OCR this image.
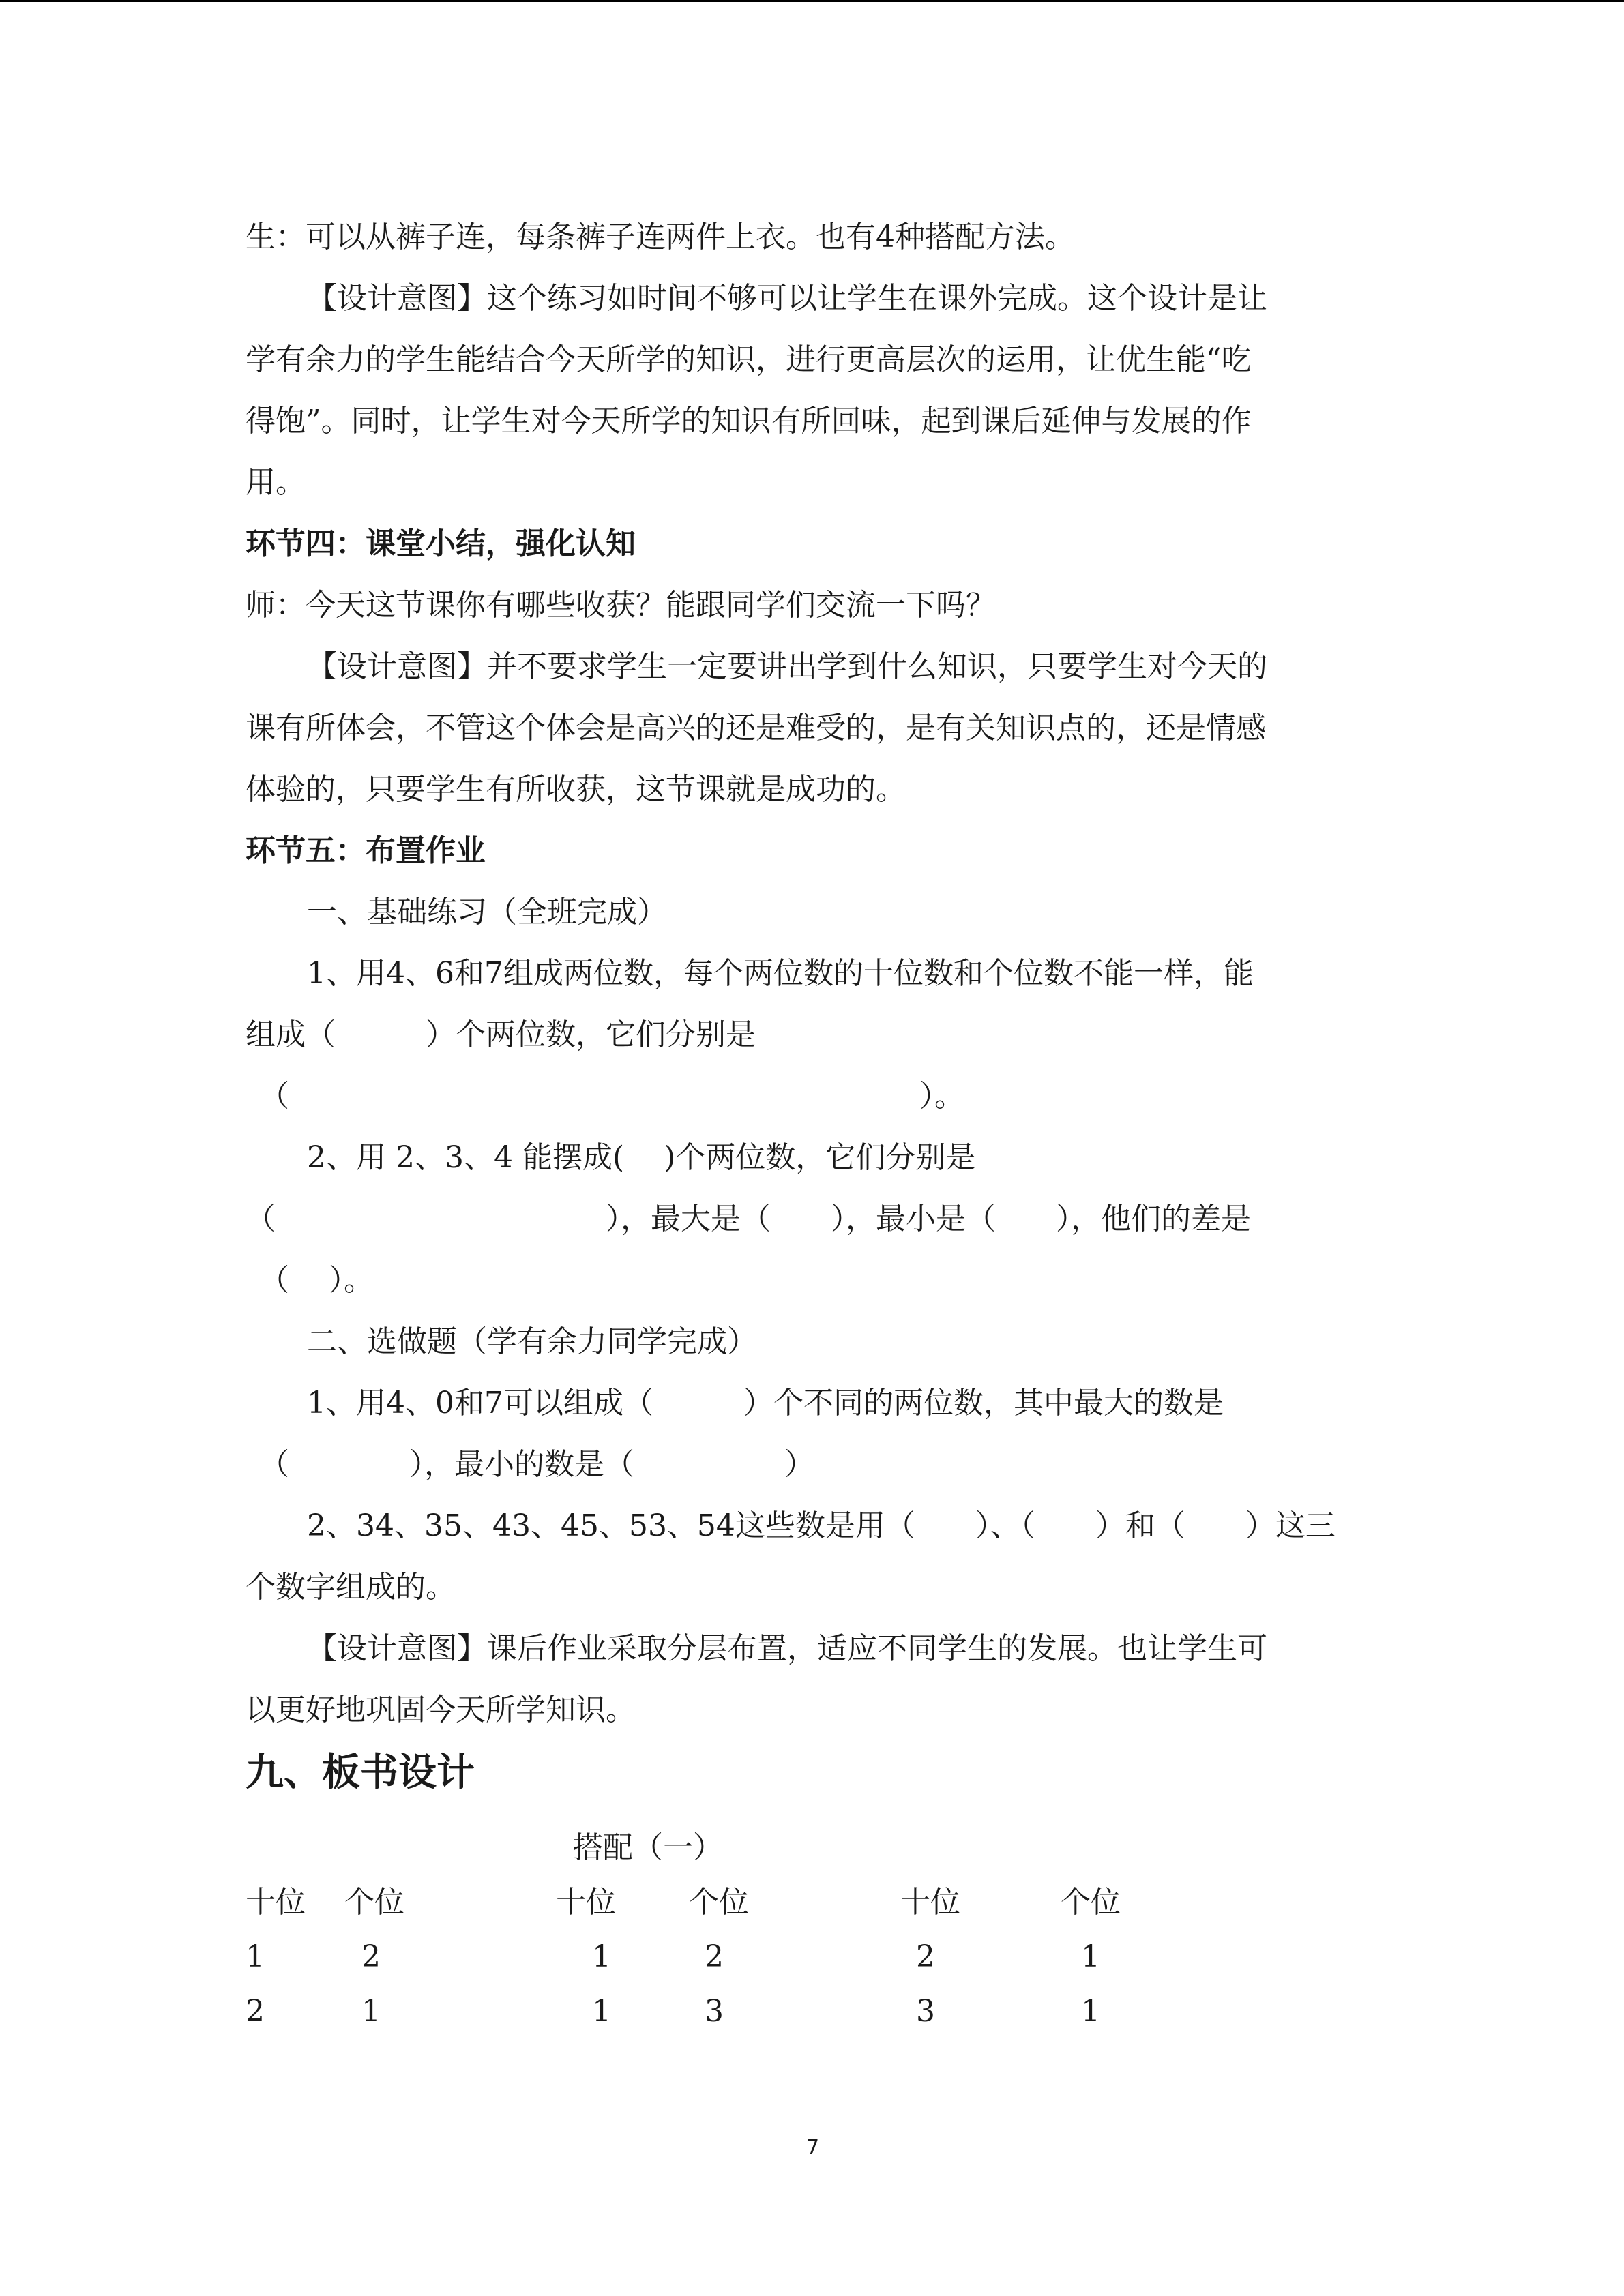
生：可以从裤子连，每条裤子连两件上衣。也有4种搭配方法。
【设计意图】这个练习如时间不够可以让学生在课外完成。这个设计是让
学有余力的学生能结合今天所学的知识，进行更高层次的运用，让优生能“吃
得饱”。同时，让学生对今天所学的知识有所回味，起到课后延伸与发展的作
用。
环节四：课堂小结，强化认知
师：今天这节课你有哪些收获？能跟同学们交流一下吗？
【设计意图】并不要求学生一定要讲出学到什么知识，只要学生对今天的
课有所体会，不管这个体会是高兴的还是难受的，是有关知识点的，还是情感
体验的，只要学生有所收获，这节课就是成功的。
环节五：布置作业
一、基础练习（全班完成）
1、用4、6和7组成两位数，每个两位数的十位数和个位数不能一样，能
组成（　　　）个两位数，它们分别是
（　　　　　　　　　　　　　　　　　　　　　）。
2、用 2、3、4 能摆成(　 )个两位数，它们分别是
（　　　　　　　　　　　），最大是（　　），最小是（　　），他们的差是
（　 ）。
二、选做题（学有余力同学完成）
1、用4、0和7可以组成（　　　）个不同的两位数，其中最大的数是
（　　　　），最小的数是（　　　　　）
2、34、35、43、45、53、54这些数是用（　　）、（　　）和（　　）这三
个数字组成的。
【设计意图】课后作业采取分层布置，适应不同学生的发展。也让学生可
以更好地巩固今天所学知识。
九、板书设计
搭配（一）
十位 个位	十位 个位	十位	个位
1	2	1	2	2	1
2	1	1	3	3	1
7
